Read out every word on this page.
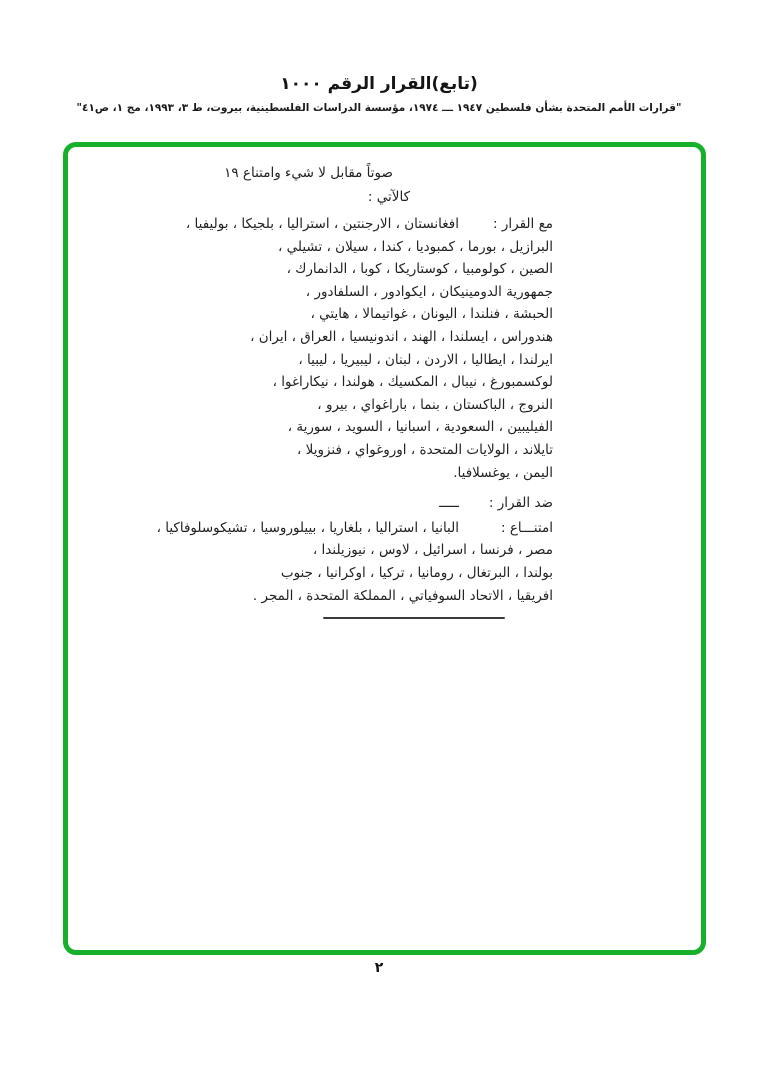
(تابع)القرار الرقم ١٠٠٠
"قرارات الأمم المتحدة بشأن فلسطين ١٩٤٧ ـــ ١٩٧٤، مؤسسة الدراسات الفلسطينية، بيروت، ط ٣، ١٩٩٣، مج ١، ص٤١"
صوتاً مقابل لا شيء وامتناع ١٩
كالآتي :
مع القرار :افغانستان ، الارجنتين ، استراليا ، بلجيكا ، بوليفيا ،
البرازيل ، بورما ، كمبوديا ، كندا ، سيلان ، تشيلي ،
الصين ، كولومبيا ، كوستاريكا ، كوبا ، الدانمارك ،
جمهورية الدومينيكان ، ايكوادور ، السلفادور ،
الحبشة ، فنلندا ، اليونان ، غواتيمالا ، هايتي ،
هندوراس ، ايسلندا ، الهند ، اندونيسيا ، العراق ، ايران ،
ايرلندا ، ايطاليا ، الاردن ، لبنان ، ليبيريا ، ليبيا ،
لوكسمبورغ ، نيبال ، المكسيك ، هولندا ، نيكاراغوا ،
النروج ، الباكستان ، بنما ، باراغواي ، بيرو ،
الفيليبين ، السعودية ، اسبانيا ، السويد ، سورية ،
تايلاند ، الولايات المتحدة ، اوروغواي ، فنزويلا ،
اليمن ، يوغسلافيا.
ضد القرار :ـــــ
امتنـــاع :البانيا ، استراليا ، بلغاريا ، بييلوروسيا ، تشيكوسلوفاكيا ،
مصر ، فرنسا ، اسرائيل ، لاوس ، نيوزيلندا ،
بولندا ، البرتغال ، رومانيا ، تركيا ، اوكرانيا ، جنوب
افريقيا ، الاتحاد السوفياتي ، المملكة المتحدة ، المجر .
٢
